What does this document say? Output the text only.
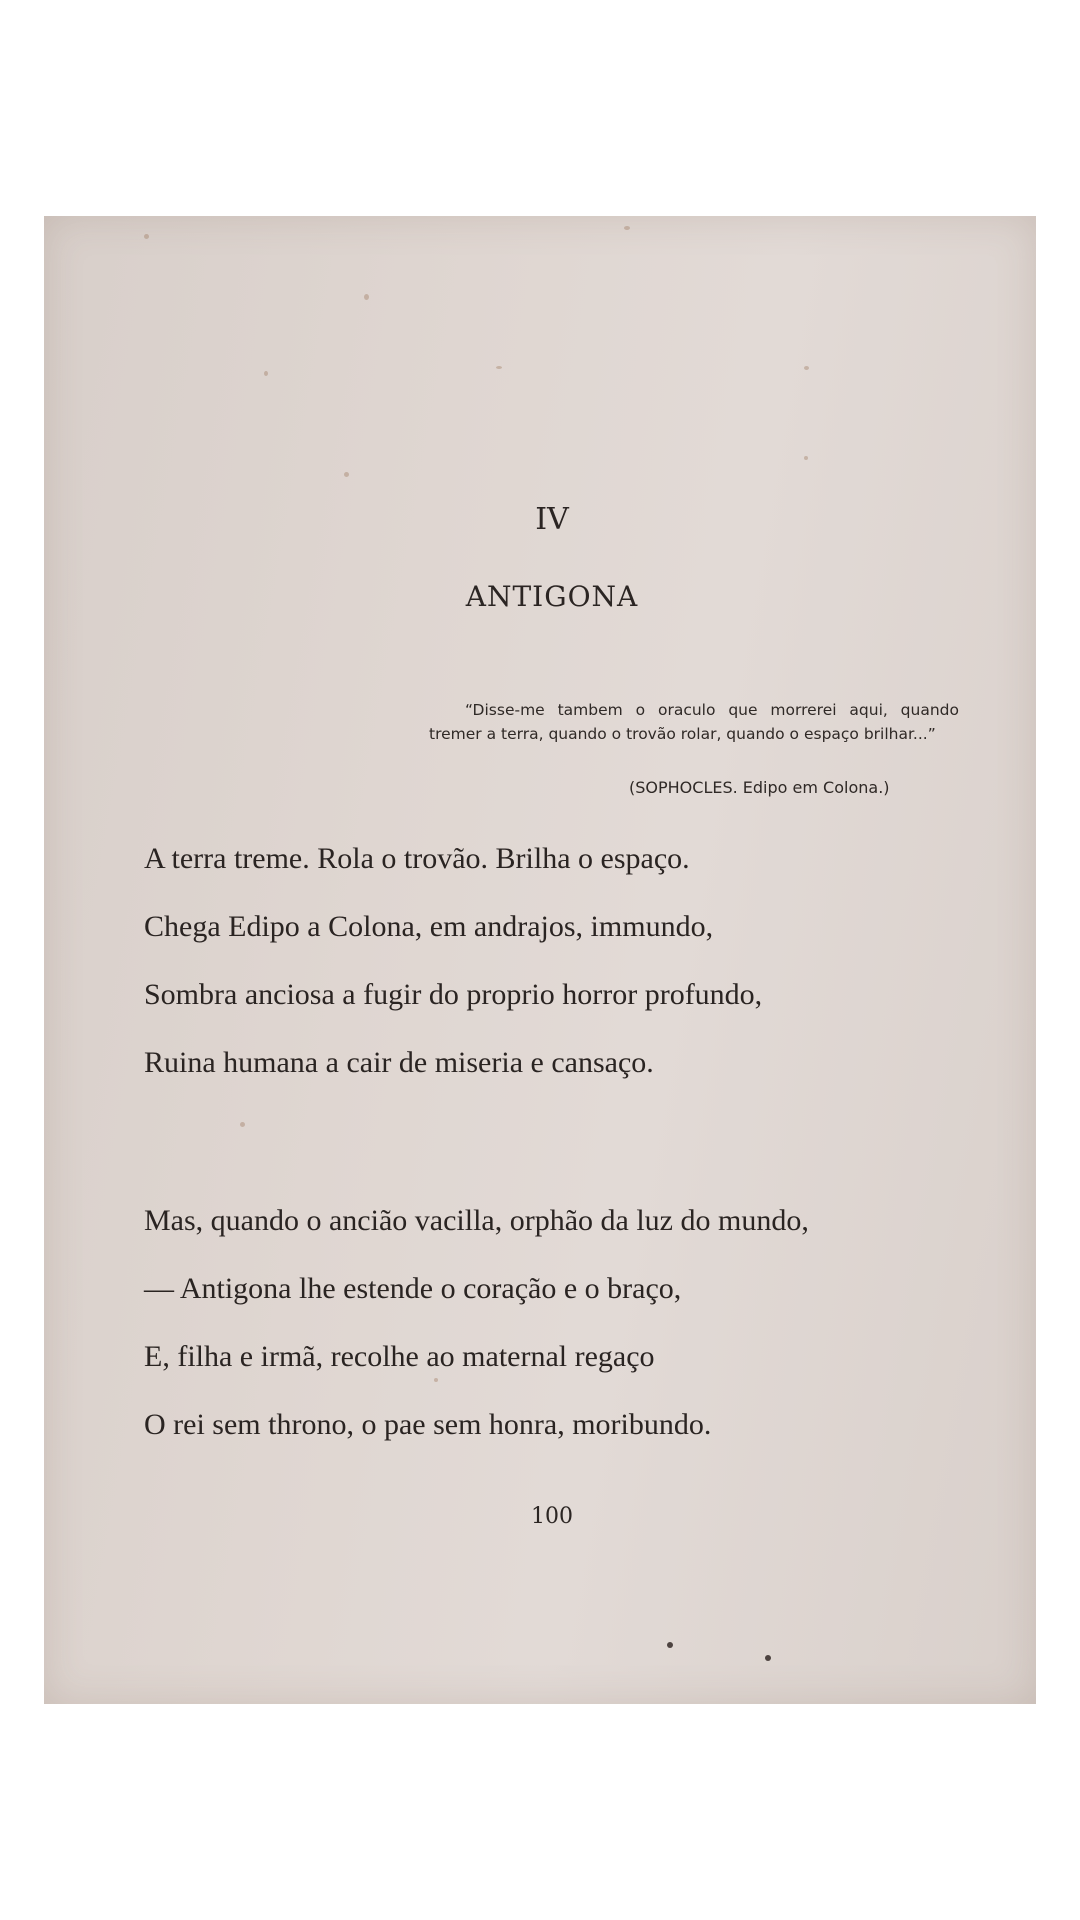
IV
ANTIGONA
“Disse-me tambem o oraculo que morrerei aqui, quando tremer a terra, quando o trovão rolar, quando o espaço brilhar...”
(SOPHOCLES. Edipo em Colona.)
A terra treme. Rola o trovão. Brilha o espaço.
Chega Edipo a Colona, em andrajos, immundo,
Sombra anciosa a fugir do proprio horror profundo,
Ruina humana a cair de miseria e cansaço.
Mas, quando o ancião vacilla, orphão da luz do mundo,
— Antigona lhe estende o coração e o braço,
E, filha e irmã, recolhe ao maternal regaço
O rei sem throno, o pae sem honra, moribundo.
100
